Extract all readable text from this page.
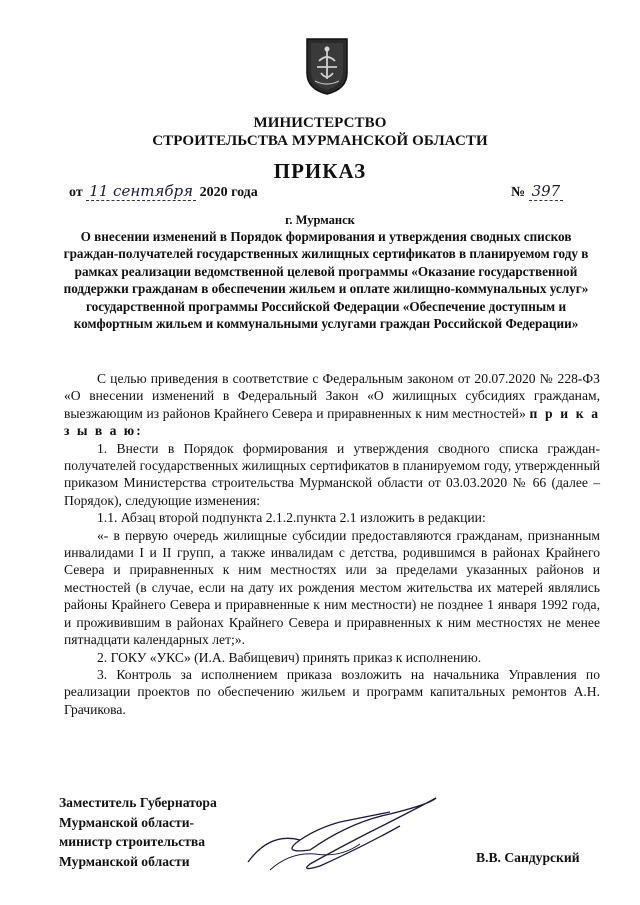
МИНИСТЕРСТВО
СТРОИТЕЛЬСТВА МУРМАНСКОЙ ОБЛАСТИ
ПРИКАЗ
от 11 сентября 2020 года	№ 397
г. Мурманск
О внесении изменений в Порядок формирования и утверждения сводных списков граждан-получателей государственных жилищных сертификатов в планируемом году в рамках реализации ведомственной целевой программы «Оказание государственной поддержки гражданам в обеспечении жильем и оплате жилищно-коммунальных услуг» государственной программы Российской Федерации «Обеспечение доступным и комфортным жильем и коммунальными услугами граждан Российской Федерации»

С целью приведения в соответствие с Федеральным законом от 20.07.2020 № 228-ФЗ «О внесении изменений в Федеральный Закон «О жилищных субсидиях гражданам, выезжающим из районов Крайнего Севера и приравненных к ним местностей» п р и к а з ы в а ю:

1. Внести в Порядок формирования и утверждения сводного списка граждан-получателей государственных жилищных сертификатов в планируемом году, утвержденный приказом Министерства строительства Мурманской области от 03.03.2020 № 66 (далее – Порядок), следующие изменения:

1.1. Абзац второй подпункта 2.1.2.пункта 2.1 изложить в редакции:

«- в первую очередь жилищные субсидии предоставляются гражданам, признанным инвалидами I и II групп, а также инвалидам с детства, родившимся в районах Крайнего Севера и приравненных к ним местностях или за пределами указанных районов и местностей (в случае, если на дату их рождения местом жительства их матерей являлись районы Крайнего Севера и приравненные к ним местности) не позднее 1 января 1992 года, и проживившим в районах Крайнего Севера и приравненных к ним местностях не менее пятнадцати календарных лет;».

2. ГОКУ «УКС» (И.А. Вабищевич) принять приказ к исполнению.

3. Контроль за исполнением приказа возложить на начальника Управления по реализации проектов по обеспечению жильем и программ капитальных ремонтов А.Н. Грачикова.

Заместитель Губернатора
Мурманской области-
министр строительства
Мурманской области	В.В. Сандурский
